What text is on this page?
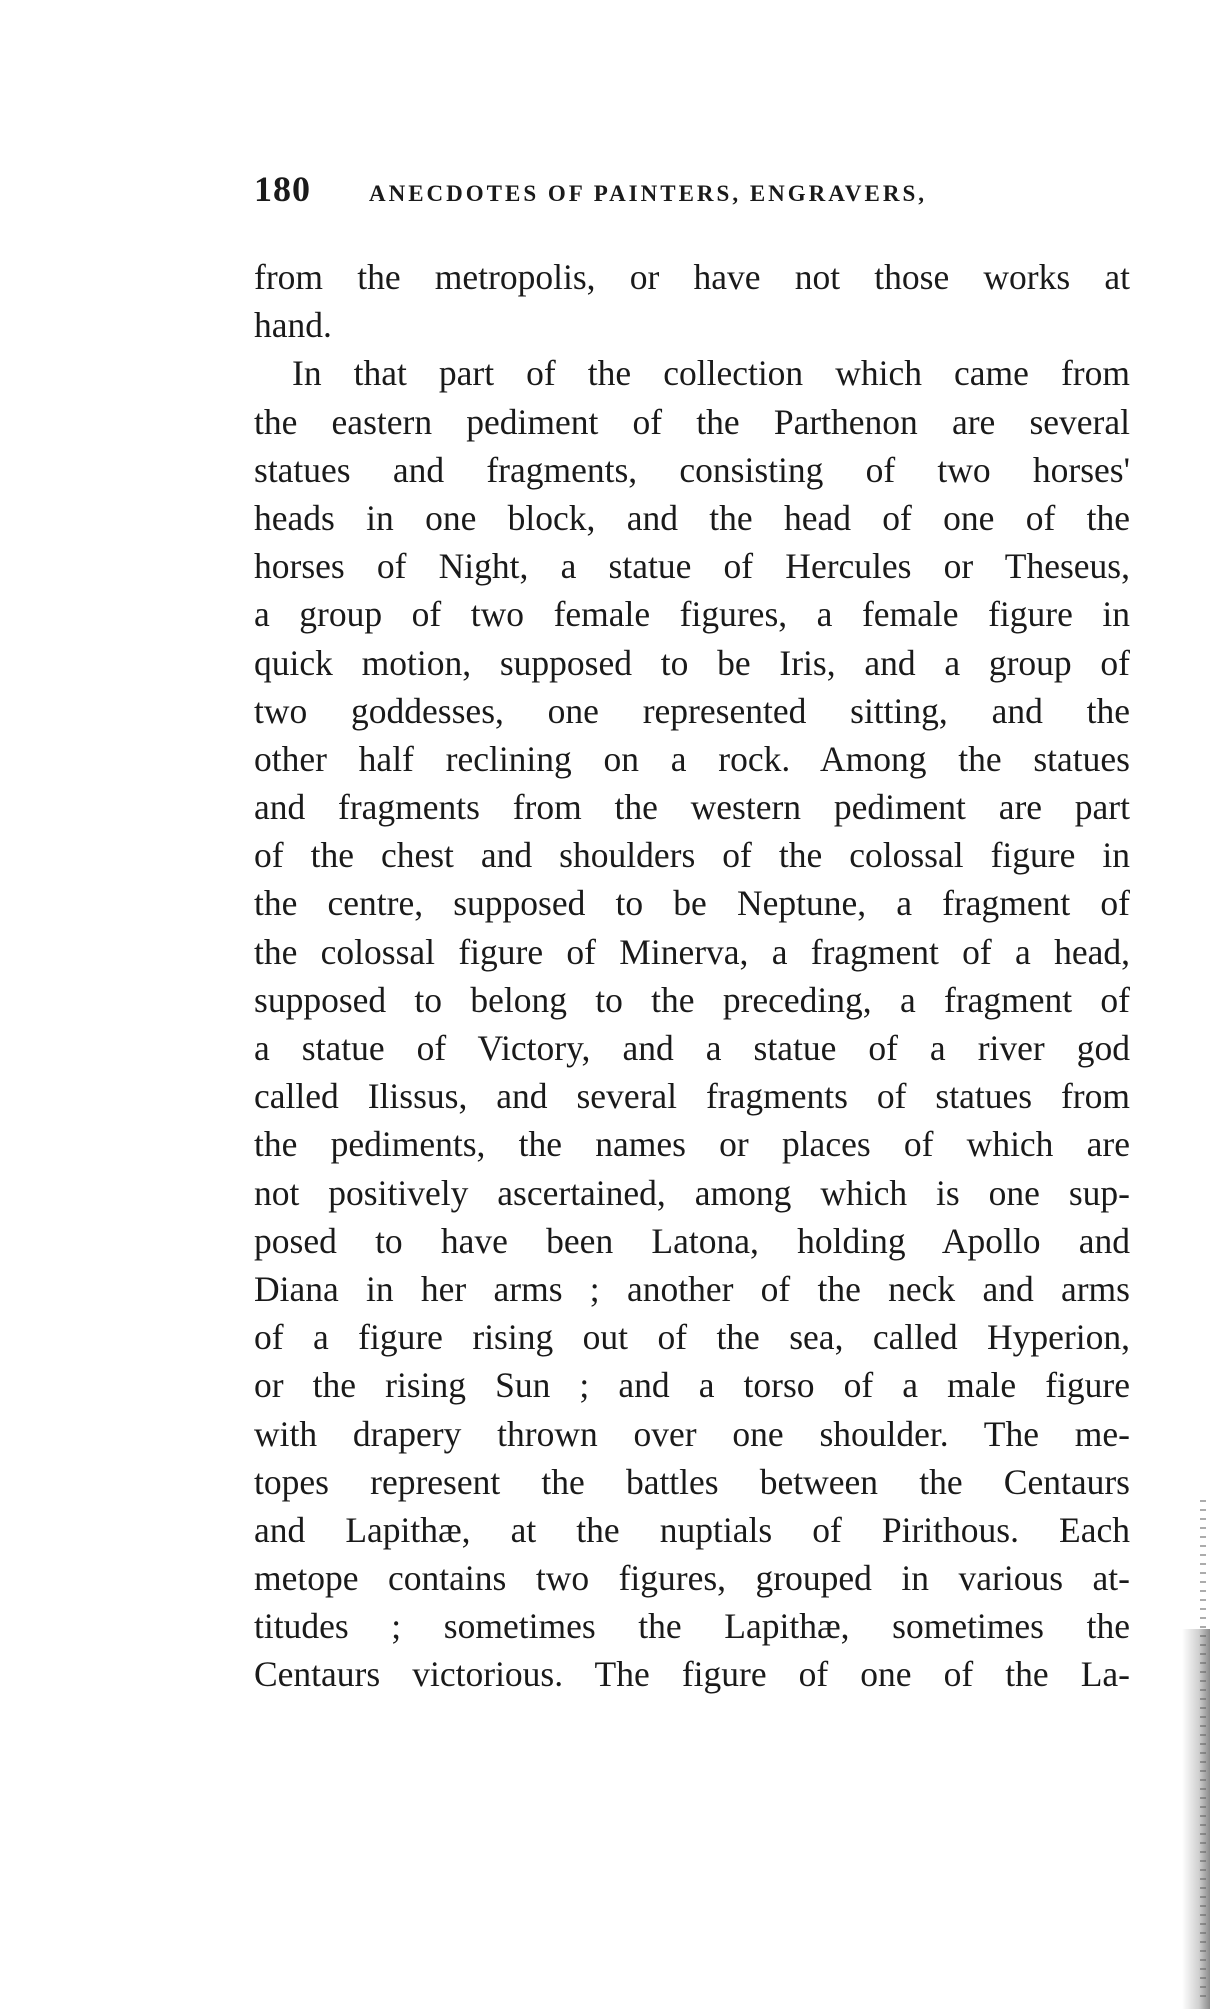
180	ANECDOTES OF PAINTERS, ENGRAVERS,
from the metropolis, or have not those works at
hand.
In that part of the collection which came from
the eastern pediment of the Parthenon are several
statues and fragments, consisting of two horses'
heads in one block, and the head of one of the
horses of Night, a statue of Hercules or Theseus,
a group of two female figures, a female figure in
quick motion, supposed to be Iris, and a group of
two goddesses, one represented sitting, and the
other half reclining on a rock. Among the statues
and fragments from the western pediment are part
of the chest and shoulders of the colossal figure in
the centre, supposed to be Neptune, a fragment of
the colossal figure of Minerva, a fragment of a head,
supposed to belong to the preceding, a fragment of
a statue of Victory, and a statue of a river god
called Ilissus, and several fragments of statues from
the pediments, the names or places of which are
not positively ascertained, among which is one sup-
posed to have been Latona, holding Apollo and
Diana in her arms ; another of the neck and arms
of a figure rising out of the sea, called Hyperion,
or the rising Sun ; and a torso of a male figure
with drapery thrown over one shoulder. The me-
topes represent the battles between the Centaurs
and Lapithæ, at the nuptials of Pirithous. Each
metope contains two figures, grouped in various at-
titudes ; sometimes the Lapithæ, sometimes the
Centaurs victorious. The figure of one of the La-
